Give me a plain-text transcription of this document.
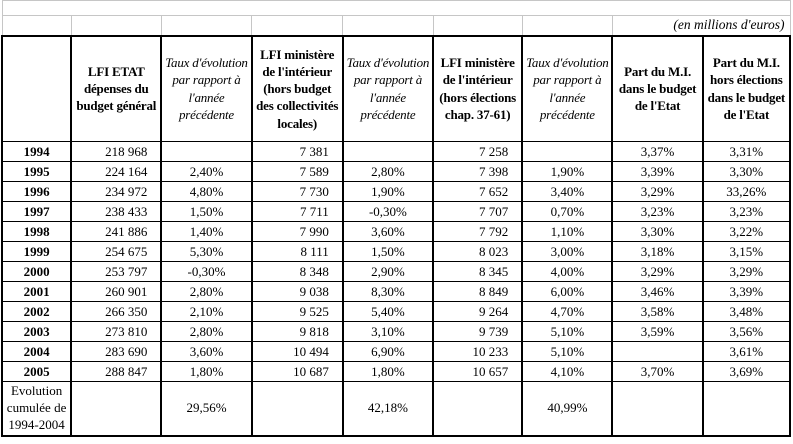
							(en millions d'euros)	
	LFI ETAT dépenses du budget général	Taux d'évolution par rapport à l'année précédente	LFI ministère de l'intérieur (hors budget des collectivités locales)	Taux d'évolution par rapport à l'année précédente	LFI ministère de l'intérieur (hors élections chap. 37-61)	Taux d'évolution par rapport à l'année précédente	Part du M.I. dans le budget de l'Etat	Part du M.I. hors élections dans le budget de l'Etat
1994	218 968		7 381		7 258		3,37%	3,31%
1995	224 164	2,40%	7 589	2,80%	7 398	1,90%	3,39%	3,30%
1996	234 972	4,80%	7 730	1,90%	7 652	3,40%	3,29%	33,26%
1997	238 433	1,50%	7 711	-0,30%	7 707	0,70%	3,23%	3,23%
1998	241 886	1,40%	7 990	3,60%	7 792	1,10%	3,30%	3,22%
1999	254 675	5,30%	8 111	1,50%	8 023	3,00%	3,18%	3,15%
2000	253 797	-0,30%	8 348	2,90%	8 345	4,00%	3,29%	3,29%
2001	260 901	2,80%	9 038	8,30%	8 849	6,00%	3,46%	3,39%
2002	266 350	2,10%	9 525	5,40%	9 264	4,70%	3,58%	3,48%
2003	273 810	2,80%	9 818	3,10%	9 739	5,10%	3,59%	3,56%
2004	283 690	3,60%	10 494	6,90%	10 233	5,10%		3,61%
2005	288 847	1,80%	10 687	1,80%	10 657	4,10%	3,70%	3,69%
Evolution cumulée de 1994-2004		29,56%		42,18%		40,99%		
